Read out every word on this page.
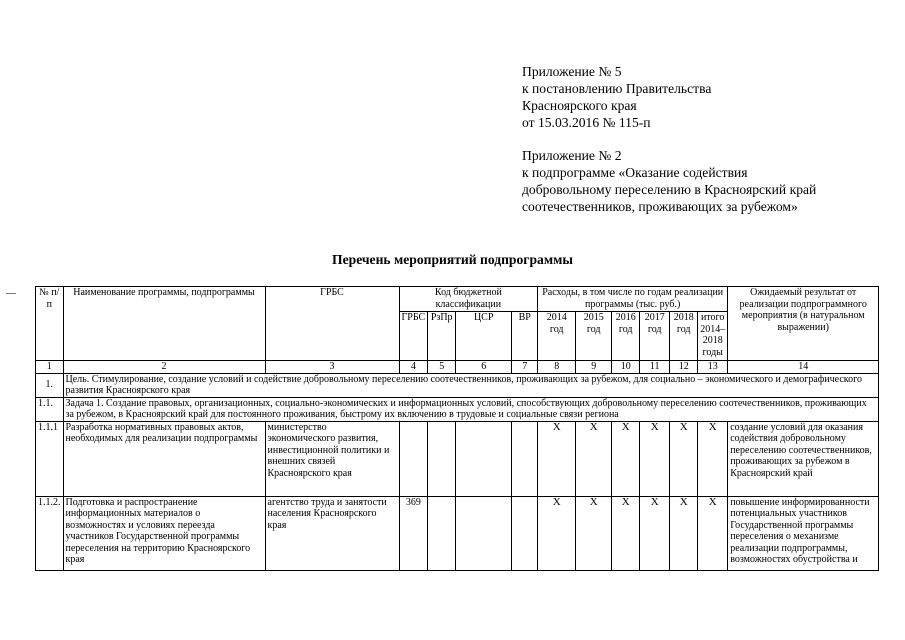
Приложение № 5
к постановлению Правительства
Красноярского края
от 15.03.2016 № 115-п
Приложение № 2
к подпрограмме «Оказание содействия
добровольному переселению в Красноярский край
соотечественников, проживающих за рубежом»
Перечень мероприятий подпрограммы
№ п/п	Наименование программы, подпрограммы	ГРБС	Код бюджетной классификации				Расходы, в том числе по годам реализации программы (тыс. руб.)						Ожидаемый результат от реализации подпрограммного мероприятия (в натуральном выражении)
			ГРБС	РзПр	ЦСР	ВР	2014 год	2015 год	2016 год	2017 год	2018 год	итого 2014–2018 годы	
1	2	3	4	5	6	7	8	9	10	11	12	13	14
1.	Цель. Стимулирование, создание условий и содействие добровольному переселению соотечественников, проживающих за рубежом, для социально – экономического и демографического развития Красноярского края												
1.1.	Задача 1. Создание правовых, организационных, социально-экономических и информационных условий, способствующих добровольному переселению соотечественников, проживающих за рубежом, в Красноярский край для постоянного проживания, быстрому их включению в трудовые и социальные связи региона												
1.1.1	Разработка нормативных правовых актов, необходимых для реализации подпрограммы	министерство экономического развития, инвестиционной политики и внешних связей Красноярского края					X	X	X	X	X	X	создание условий для оказания содействия добровольному переселению соотечественников, проживающих за рубежом в Красноярский край
1.1.2.	Подготовка и распространение информационных материалов о возможностях и условиях переезда участников Государственной программы переселения на территорию Красноярского края	агентство труда и занятости населения Красноярского края	369				X	X	X	X	X	X	повышение информированности потенциальных участников Государственной программы переселения о механизме реализации подпрограммы, возможностях обустройства и
